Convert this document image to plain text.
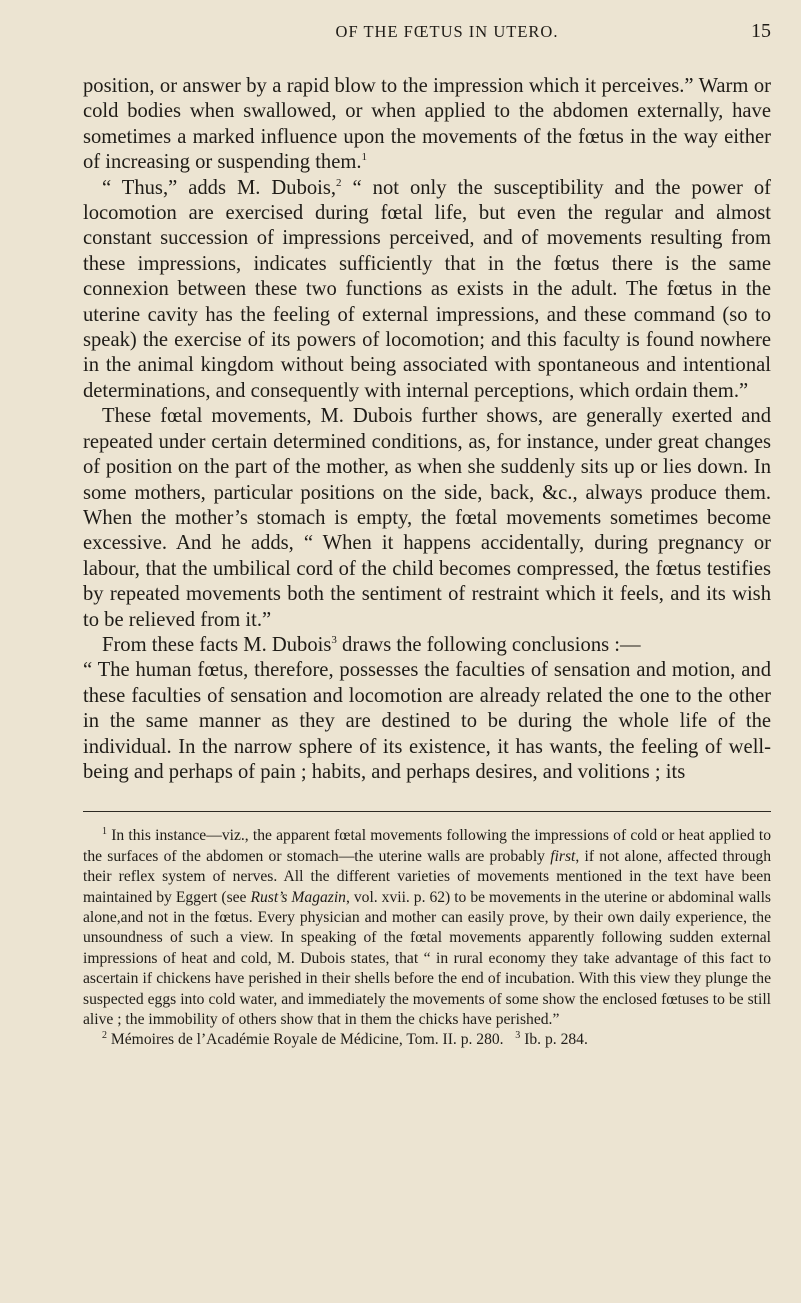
OF THE FŒTUS IN UTERO.	15

position, or answer by a rapid blow to the impression which it perceives.” Warm or cold bodies when swallowed, or when applied to the abdomen externally, have sometimes a marked influence upon the movements of the fœtus in the way either of increasing or suspending them.$^1$

“ Thus,” adds M. Dubois,$^2$ “ not only the susceptibility and the power of locomotion are exercised during fœtal life, but even the regular and almost constant succession of impressions perceived, and of movements resulting from these impressions, indicates sufficiently that in the fœtus there is the same connexion between these two functions as exists in the adult. The fœtus in the uterine cavity has the feeling of external impressions, and these command (so to speak) the exercise of its powers of locomotion; and this faculty is found nowhere in the animal kingdom without being associated with spontaneous and intentional determinations, and consequently with internal perceptions, which ordain them.”

These fœtal movements, M. Dubois further shows, are generally exerted and repeated under certain determined conditions, as, for instance, under great changes of position on the part of the mother, as when she suddenly sits up or lies down. In some mothers, particular positions on the side, back, &c., always produce them. When the mother’s stomach is empty, the fœtal movements sometimes become excessive. And he adds, “ When it happens accidentally, during pregnancy or labour, that the umbilical cord of the child becomes compressed, the fœtus testifies by repeated movements both the sentiment of restraint which it feels, and its wish to be relieved from it.”

From these facts M. Dubois$^3$ draws the following conclusions :—

“ The human fœtus, therefore, possesses the faculties of sensation and motion, and these faculties of sensation and locomotion are already related the one to the other in the same manner as they are destined to be during the whole life of the individual. In the narrow sphere of its existence, it has wants, the feeling of well-being and perhaps of pain ; habits, and perhaps desires, and volitions ; its

$^1$ In this instance—viz., the apparent fœtal movements following the impressions of cold or heat applied to the surfaces of the abdomen or stomach—the uterine walls are probably first, if not alone, affected through their reflex system of nerves. All the different varieties of movements mentioned in the text have been maintained by Eggert (see Rust’s Magazin, vol. xvii. p. 62) to be movements in the uterine or abdominal walls alone,and not in the fœtus. Every physician and mother can easily prove, by their own daily experience, the unsoundness of such a view. In speaking of the fœtal movements apparently following sudden external impressions of heat and cold, M. Dubois states, that “ in rural economy they take advantage of this fact to ascertain if chickens have perished in their shells before the end of incubation. With this view they plunge the suspected eggs into cold water, and immediately the movements of some show the enclosed fœtuses to be still alive ; the immobility of others show that in them the chicks have perished.”

$^2$ Mémoires de l’Académie Royale de Médicine, Tom. II. p. 280. $^3$ Ib. p. 284.
